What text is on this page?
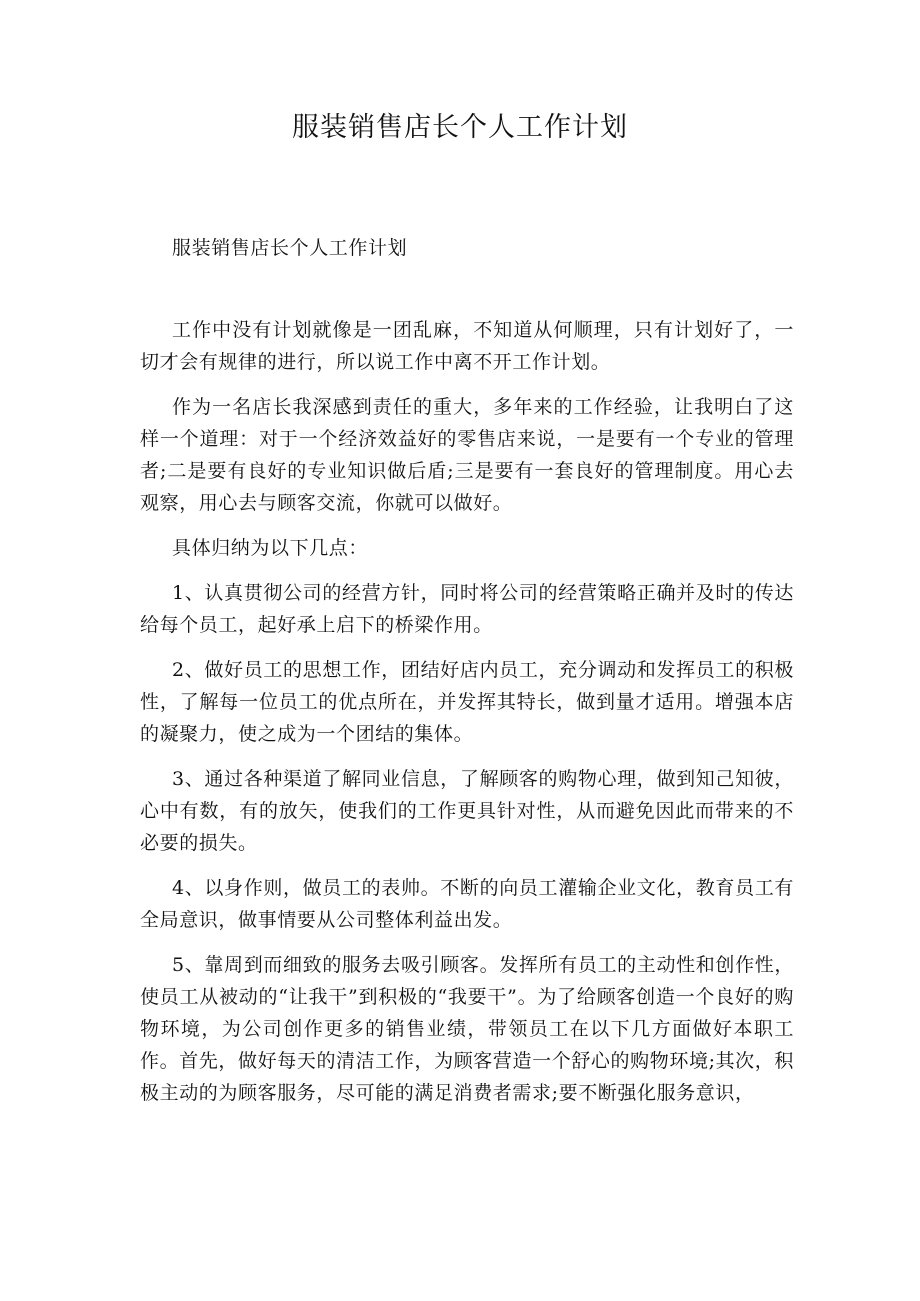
服装销售店长个人工作计划
服装销售店长个人工作计划

工作中没有计划就像是一团乱麻，不知道从何顺理，只有计划好了，一切才会有规律的进行，所以说工作中离不开工作计划。

作为一名店长我深感到责任的重大，多年来的工作经验，让我明白了这样一个道理：对于一个经济效益好的零售店来说，一是要有一个专业的管理者;二是要有良好的专业知识做后盾;三是要有一套良好的管理制度。用心去观察，用心去与顾客交流，你就可以做好。

具体归纳为以下几点：

1、认真贯彻公司的经营方针，同时将公司的经营策略正确并及时的传达给每个员工，起好承上启下的桥梁作用。

2、做好员工的思想工作，团结好店内员工，充分调动和发挥员工的积极性，了解每一位员工的优点所在，并发挥其特长，做到量才适用。增强本店的凝聚力，使之成为一个团结的集体。

3、通过各种渠道了解同业信息，了解顾客的购物心理，做到知己知彼，心中有数，有的放矢，使我们的工作更具针对性，从而避免因此而带来的不必要的损失。

4、以身作则，做员工的表帅。不断的向员工灌输企业文化，教育员工有全局意识，做事情要从公司整体利益出发。

5、靠周到而细致的服务去吸引顾客。发挥所有员工的主动性和创作性，使员工从被动的“让我干”到积极的“我要干”。为了给顾客创造一个良好的购物环境，为公司创作更多的销售业绩，带领员工在以下几方面做好本职工作。首先，做好每天的清洁工作，为顾客营造一个舒心的购物环境;其次，积极主动的为顾客服务，尽可能的满足消费者需求;要不断强化服务意识，
